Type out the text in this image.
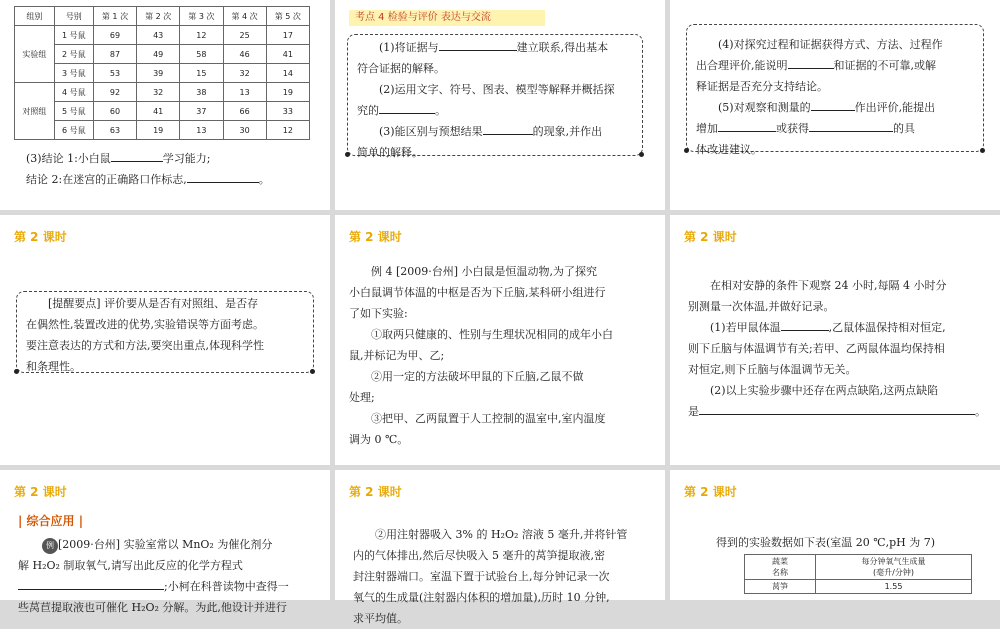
组别	号别	第 1 次	第 2 次	第 3 次	第 4 次	第 5 次
实验组	1 号鼠	69	43	12	25	17
	2 号鼠	87	49	58	46	41
	3 号鼠	53	39	15	32	14
对照组	4 号鼠	92	32	38	13	19
	5 号鼠	60	41	37	66	33
	6 号鼠	63	19	13	30	12
(3)结论 1:小白鼠	学习能力;
结论 2:在迷宫的正确路口作标志,	。
考点 4 检验与评价 表达与交流
(1)将证据与	建立联系,得出基本
符合证据的解释。
(2)运用文字、符号、图表、模型等解释并概括探
究的	。
(3)能区别与预想结果	的现象,并作出
简单的解释。
(4)对探究过程和证据获得方式、方法、过程作
出合理评价,能说明	和证据的不可靠,或解
释证据是否充分支持结论。
(5)对观察和测量的	作出评价,能提出
增加	或获得	的具
体改进建议。
第 2 课时
[提醒要点] 评价要从是否有对照组、是否存
在偶然性,装置改进的优势,实验错误等方面考虑。
要注意表达的方式和方法,要突出重点,体现科学性
和条理性。
第 2 课时
例 4 [2009·台州] 小白鼠是恒温动物,为了探究
小白鼠调节体温的中枢是否为下丘脑,某科研小组进行
了如下实验:
①取两只健康的、性别与生理状况相同的成年小白
鼠,并标记为甲、乙;
②用一定的方法破坏甲鼠的下丘脑,乙鼠不做
处理;
③把甲、乙两鼠置于人工控制的温室中,室内温度
调为 0 ℃。
第 2 课时
在相对安静的条件下观察 24 小时,每隔 4 小时分
别测量一次体温,并做好记录。
(1)若甲鼠体温	,乙鼠体温保持相对恒定,
则下丘脑与体温调节有关;若甲、乙两鼠体温均保持相
对恒定,则下丘脑与体温调节无关。
(2)以上实验步骤中还存在两点缺陷,这两点缺陷
是	。
第 2 课时
| 综合应用 |
例 [2009·台州] 实验室常以 MnO₂ 为催化剂分
解 H₂O₂ 制取氧气,请写出此反应的化学方程式
;小柯在科普读物中查得一
些莴苣提取液也可催化 H₂O₂ 分解。为此,他设计并进行
第 2 课时
②用注射器吸入 3% 的 H₂O₂ 溶液 5 毫升,并将针管
内的气体排出,然后尽快吸入 5 毫升的莴笋提取液,密
封注射器端口。室温下置于试验台上,每分钟记录一次
氧气的生成量(注射器内体积的增加量),历时 10 分钟,
求平均值。
第 2 课时
得到的实验数据如下表(室温 20 ℃,pH 为 7)
蔬菜
名称	每分钟氧气生成量
(毫升/分钟)
莴笋	1.55
